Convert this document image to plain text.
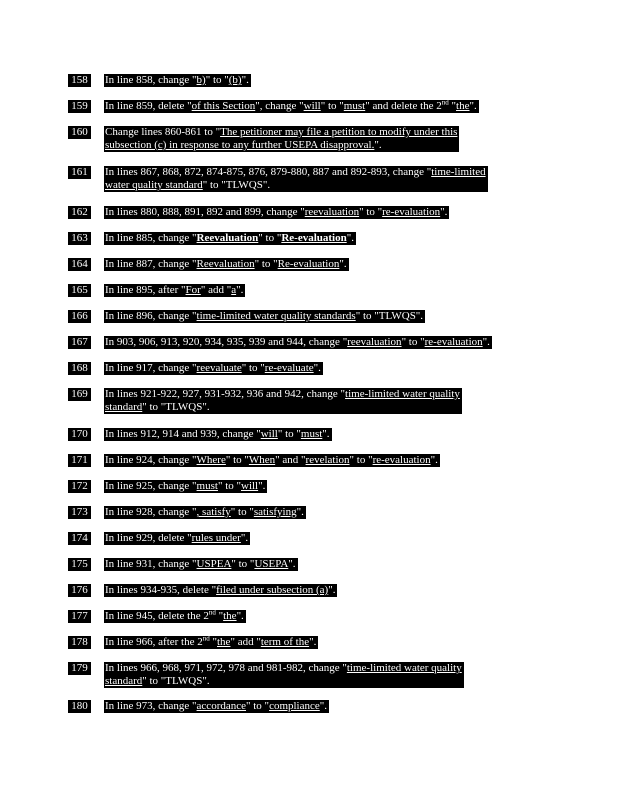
158 In line 858, change "b)" to "(b)".
159 In line 859, delete "of this Section", change "will" to "must" and delete the 2nd "the".
160 Change lines 860-861 to "The petitioner may file a petition to modify under this
subsection (c) in response to any further USEPA disapproval.".
161 In lines 867, 868, 872, 874-875, 876, 879-880, 887 and 892-893, change "time-limited
water quality standard" to "TLWQS".
162 In lines 880, 888, 891, 892 and 899, change "reevaluation" to "re-evaluation".
163 In line 885, change "Reevaluation" to "Re-evaluation".
164 In line 887, change "Reevaluation" to "Re-evaluation".
165 In line 895, after "For" add "a".
166 In line 896, change "time-limited water quality standards" to "TLWQS".
167 In 903, 906, 913, 920, 934, 935, 939 and 944, change "reevaluation" to "re-evaluation".
168 In line 917, change "reevaluate" to "re-evaluate".
169 In lines 921-922, 927, 931-932, 936 and 942, change "time-limited water quality
standard" to "TLWQS".
170 In lines 912, 914 and 939, change "will" to "must".
171 In line 924, change "Where" to "When" and "revelation" to "re-evaluation".
172 In line 925, change "must" to "will".
173 In line 928, change ", satisfy" to "satisfying".
174 In line 929, delete "rules under".
175 In line 931, change "USPEA" to "USEPA".
176 In lines 934-935, delete "filed under subsection (a)".
177 In line 945, delete the 2nd "the".
178 In line 966, after the 2nd "the" add "term of the".
179 In lines 966, 968, 971, 972, 978 and 981-982, change "time-limited water quality
standard" to "TLWQS".
180 In line 973, change "accordance" to "compliance".
